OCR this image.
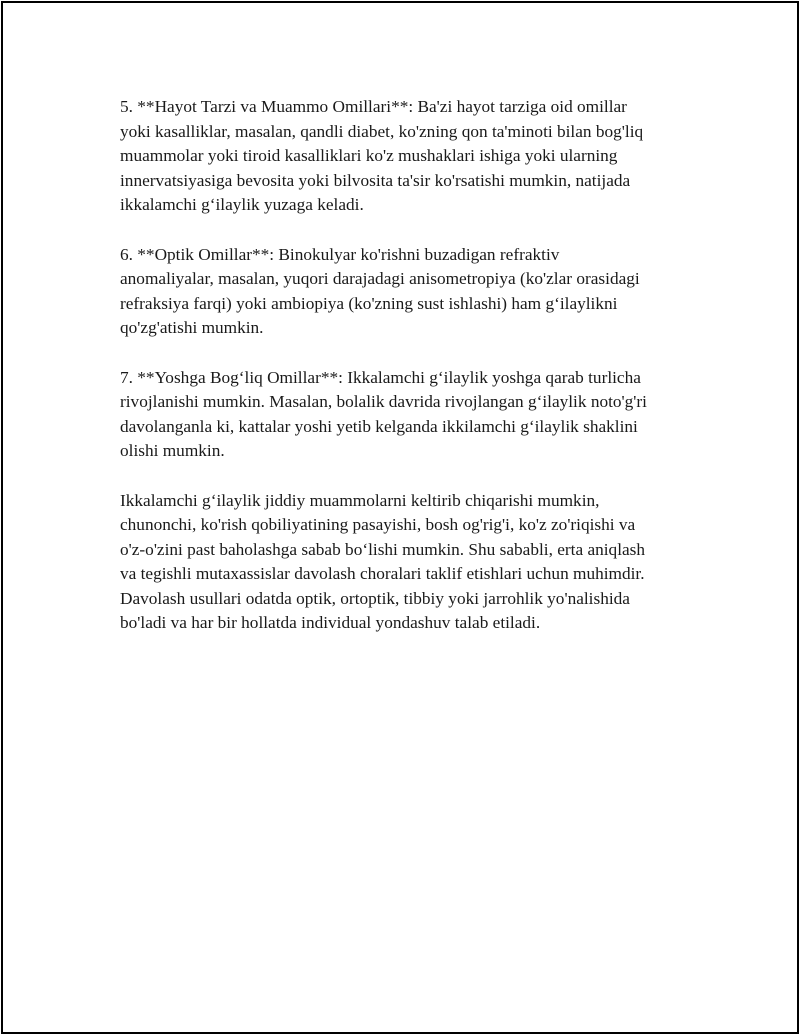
5. **Hayot Tarzi va Muammo Omillari**: Ba'zi hayot tarziga oid omillar
yoki kasalliklar, masalan, qandli diabet, ko'zning qon ta'minoti bilan bog'liq
muammolar yoki tiroid kasalliklari ko'z mushaklari ishiga yoki ularning
innervatsiyasiga bevosita yoki bilvosita ta'sir ko'rsatishi mumkin, natijada
ikkalamchi gʻilaylik yuzaga keladi.

6. **Optik Omillar**: Binokulyar ko'rishni buzadigan refraktiv
anomaliyalar, masalan, yuqori darajadagi anisometropiya (ko'zlar orasidagi
refraksiya farqi) yoki ambiopiya (ko'zning sust ishlashi) ham gʻilaylikni
qo'zg'atishi mumkin.

7. **Yoshga Bogʻliq Omillar**: Ikkalamchi gʻilaylik yoshga qarab turlicha
rivojlanishi mumkin. Masalan, bolalik davrida rivojlangan gʻilaylik noto'g'ri
davolanganla ki, kattalar yoshi yetib kelganda ikkilamchi gʻilaylik shaklini
olishi mumkin.

Ikkalamchi gʻilaylik jiddiy muammolarni keltirib chiqarishi mumkin,
chunonchi, ko'rish qobiliyatining pasayishi, bosh og'rig'i, ko'z zo'riqishi va
o'z-o'zini past baholashga sabab boʻlishi mumkin. Shu sababli, erta aniqlash
va tegishli mutaxassislar davolash choralari taklif etishlari uchun muhimdir.
Davolash usullari odatda optik, ortoptik, tibbiy yoki jarrohlik yo'nalishida
bo'ladi va har bir hollatda individual yondashuv talab etiladi.
